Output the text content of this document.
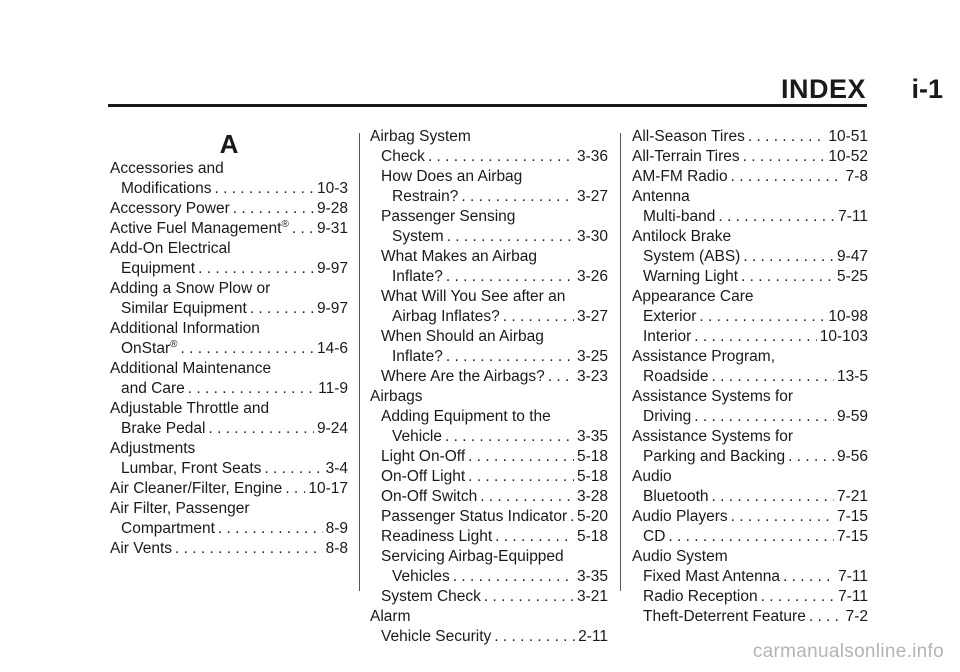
INDEX i-1
A
Accessories and
Modifications . . .	10-3
Accessory Power . . .	9-28
Active Fuel Management® . . . 9-31
Add-On Electrical
Equipment . . .	9-97
Adding a Snow Plow or
Similar Equipment . . .	9-97
Additional Information
OnStar® . . .	14-6
Additional Maintenance
and Care . . .	11-9
Adjustable Throttle and
Brake Pedal . . .	9-24
Adjustments
Lumbar, Front Seats . . .	3-4
Air Cleaner/Filter, Engine . . . 10-17
Air Filter, Passenger
Compartment . . .	8-9
Air Vents . . .	8-8
Airbag System
Check . . .	3-36
How Does an Airbag
Restrain? . . .	3-27
Passenger Sensing
System . . .	3-30
What Makes an Airbag
Inflate? . . .	3-26
What Will You See after an
Airbag Inflates? . . .	3-27
When Should an Airbag
Inflate? . . .	3-25
Where Are the Airbags? . . . 3-23
Airbags
Adding Equipment to the
Vehicle . . .	3-35
Light On-Off . . .	5-18
On-Off Light . . .	5-18
On-Off Switch . . .	3-28
Passenger Status Indicator . . . 5-20
Readiness Light . . .	5-18
Servicing Airbag-Equipped
Vehicles . . .	3-35
System Check . . .	3-21
Alarm
Vehicle Security . . .	2-11
All-Season Tires . . .	10-51
All-Terrain Tires . . .	10-52
AM-FM Radio . . .	7-8
Antenna
Multi-band . . .	7-11
Antilock Brake
System (ABS) . . .	9-47
Warning Light . . .	5-25
Appearance Care
Exterior . . .	10-98
Interior . . .	10-103
Assistance Program,
Roadside . . .	13-5
Assistance Systems for
Driving . . .	9-59
Assistance Systems for
Parking and Backing . . .	9-56
Audio
Bluetooth . . .	7-21
Audio Players . . .	7-15
CD . . .	7-15
Audio System
Fixed Mast Antenna . . .	7-11
Radio Reception . . .	7-11
Theft-Deterrent Feature . . .	7-2
carmanualsonline.info
